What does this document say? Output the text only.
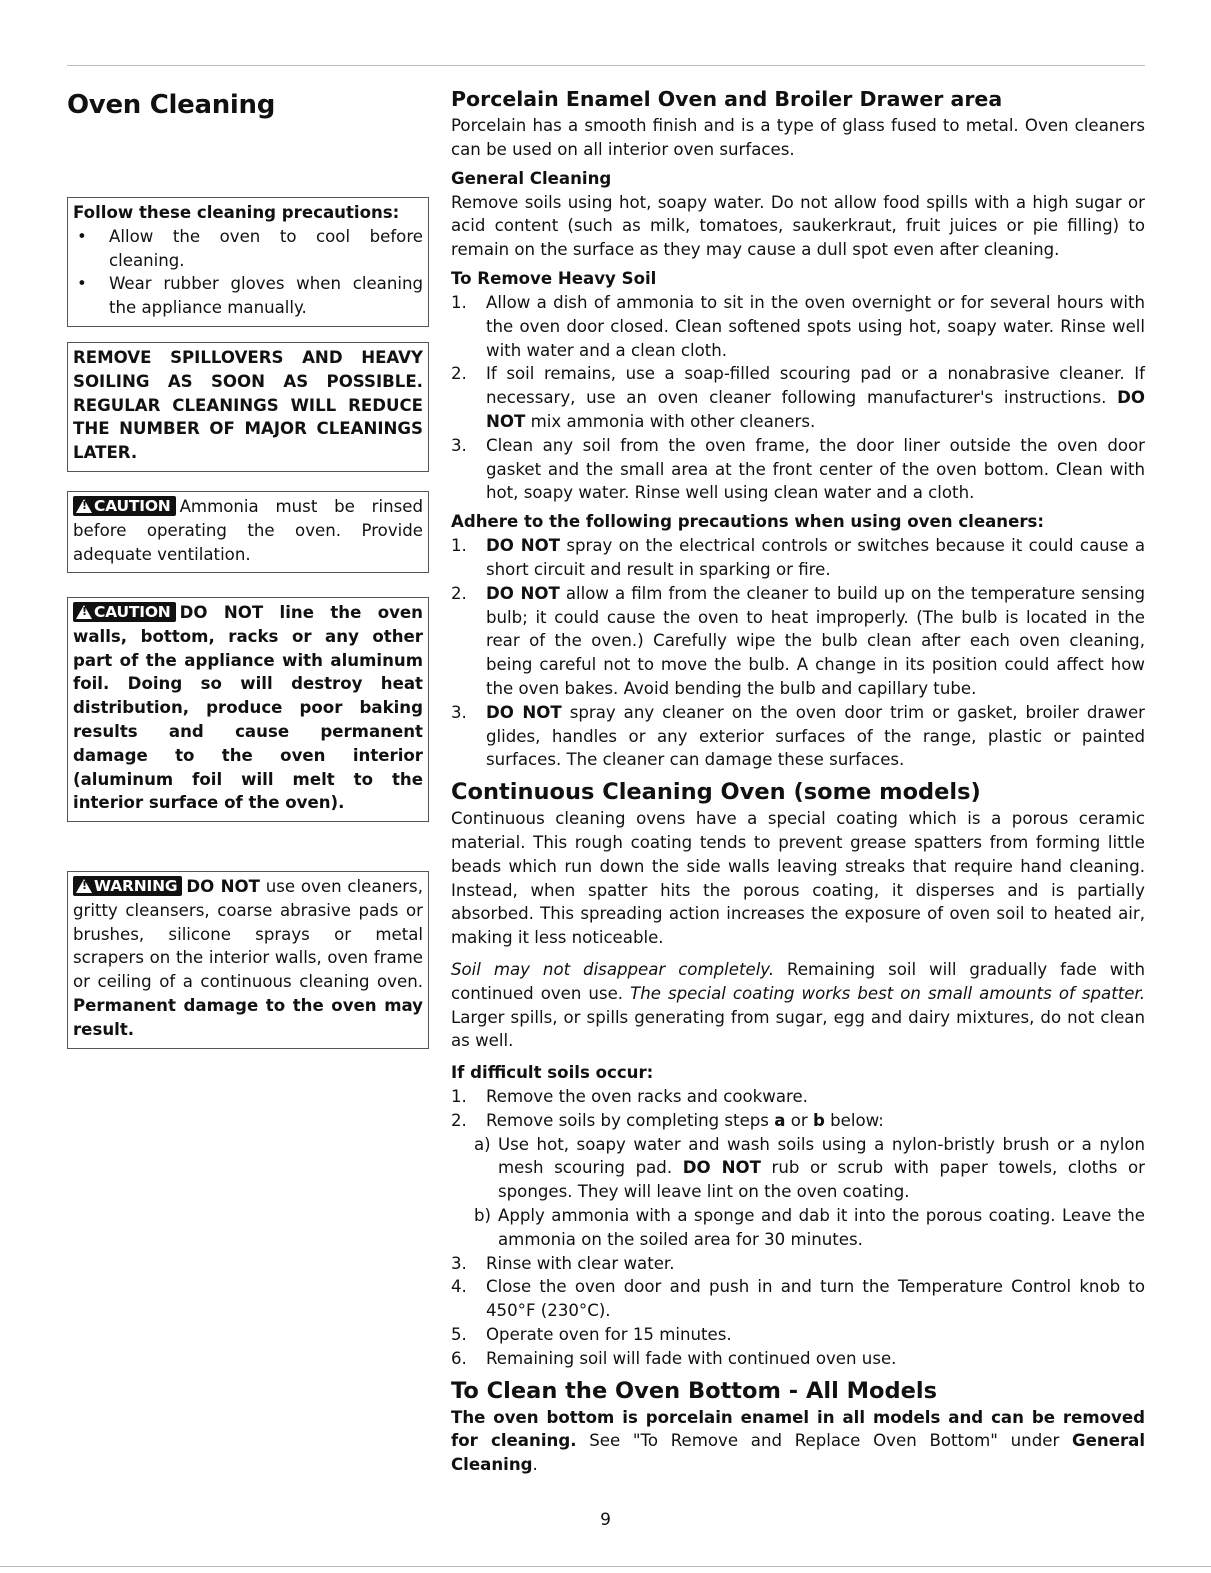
Oven Cleaning
Follow these cleaning precautions:
• Allow the oven to cool before cleaning.
• Wear rubber gloves when cleaning the appliance manually.

REMOVE SPILLOVERS AND HEAVY SOILING AS SOON AS POSSIBLE. REGULAR CLEANINGS WILL REDUCE THE NUMBER OF MAJOR CLEANINGS LATER.

!CAUTION Ammonia must be rinsed before operating the oven. Provide adequate ventilation.

!CAUTION DO NOT line the oven walls, bottom, racks or any other part of the appliance with aluminum foil. Doing so will destroy heat distribution, produce poor baking results and cause permanent damage to the oven interior (aluminum foil will melt to the interior surface of the oven).

!WARNING DO NOT use oven cleaners, gritty cleansers, coarse abrasive pads or brushes, silicone sprays or metal scrapers on the interior walls, oven frame or ceiling of a continuous cleaning oven. Permanent damage to the oven may result.

Porcelain Enamel Oven and Broiler Drawer area

Porcelain has a smooth finish and is a type of glass fused to metal. Oven cleaners can be used on all interior oven surfaces.

General Cleaning

Remove soils using hot, soapy water. Do not allow food spills with a high sugar or acid content (such as milk, tomatoes, saukerkraut, fruit juices or pie filling) to remain on the surface as they may cause a dull spot even after cleaning.

To Remove Heavy Soil
1. Allow a dish of ammonia to sit in the oven overnight or for several hours with the oven door closed. Clean softened spots using hot, soapy water. Rinse well with water and a clean cloth.
2. If soil remains, use a soap-filled scouring pad or a nonabrasive cleaner. If necessary, use an oven cleaner following manufacturer's instructions. DO NOT mix ammonia with other cleaners.
3. Clean any soil from the oven frame, the door liner outside the oven door gasket and the small area at the front center of the oven bottom. Clean with hot, soapy water. Rinse well using clean water and a cloth.
Adhere to the following precautions when using oven cleaners:
1. DO NOT spray on the electrical controls or switches because it could cause a short circuit and result in sparking or fire.
2. DO NOT allow a film from the cleaner to build up on the temperature sensing bulb; it could cause the oven to heat improperly. (The bulb is located in the rear of the oven.) Carefully wipe the bulb clean after each oven cleaning, being careful not to move the bulb. A change in its position could affect how the oven bakes. Avoid bending the bulb and capillary tube.
3. DO NOT spray any cleaner on the oven door trim or gasket, broiler drawer glides, handles or any exterior surfaces of the range, plastic or painted surfaces. The cleaner can damage these surfaces.
Continuous Cleaning Oven (some models)

Continuous cleaning ovens have a special coating which is a porous ceramic material. This rough coating tends to prevent grease spatters from forming little beads which run down the side walls leaving streaks that require hand cleaning. Instead, when spatter hits the porous coating, it disperses and is partially absorbed. This spreading action increases the exposure of oven soil to heated air, making it less noticeable.

Soil may not disappear completely. Remaining soil will gradually fade with continued oven use. The special coating works best on small amounts of spatter. Larger spills, or spills generating from sugar, egg and dairy mixtures, do not clean as well.

If difficult soils occur:
1. Remove the oven racks and cookware.
2. Remove soils by completing steps a or b below:
a) Use hot, soapy water and wash soils using a nylon-bristly brush or a nylon mesh scouring pad. DO NOT rub or scrub with paper towels, cloths or sponges. They will leave lint on the oven coating.
b) Apply ammonia with a sponge and dab it into the porous coating. Leave the ammonia on the soiled area for 30 minutes.
3. Rinse with clear water.
4. Close the oven door and push in and turn the Temperature Control knob to 450°F (230°C).
5. Operate oven for 15 minutes.
6. Remaining soil will fade with continued oven use.
To Clean the Oven Bottom - All Models

The oven bottom is porcelain enamel in all models and can be removed for cleaning. See "To Remove and Replace Oven Bottom" under General Cleaning.

9
